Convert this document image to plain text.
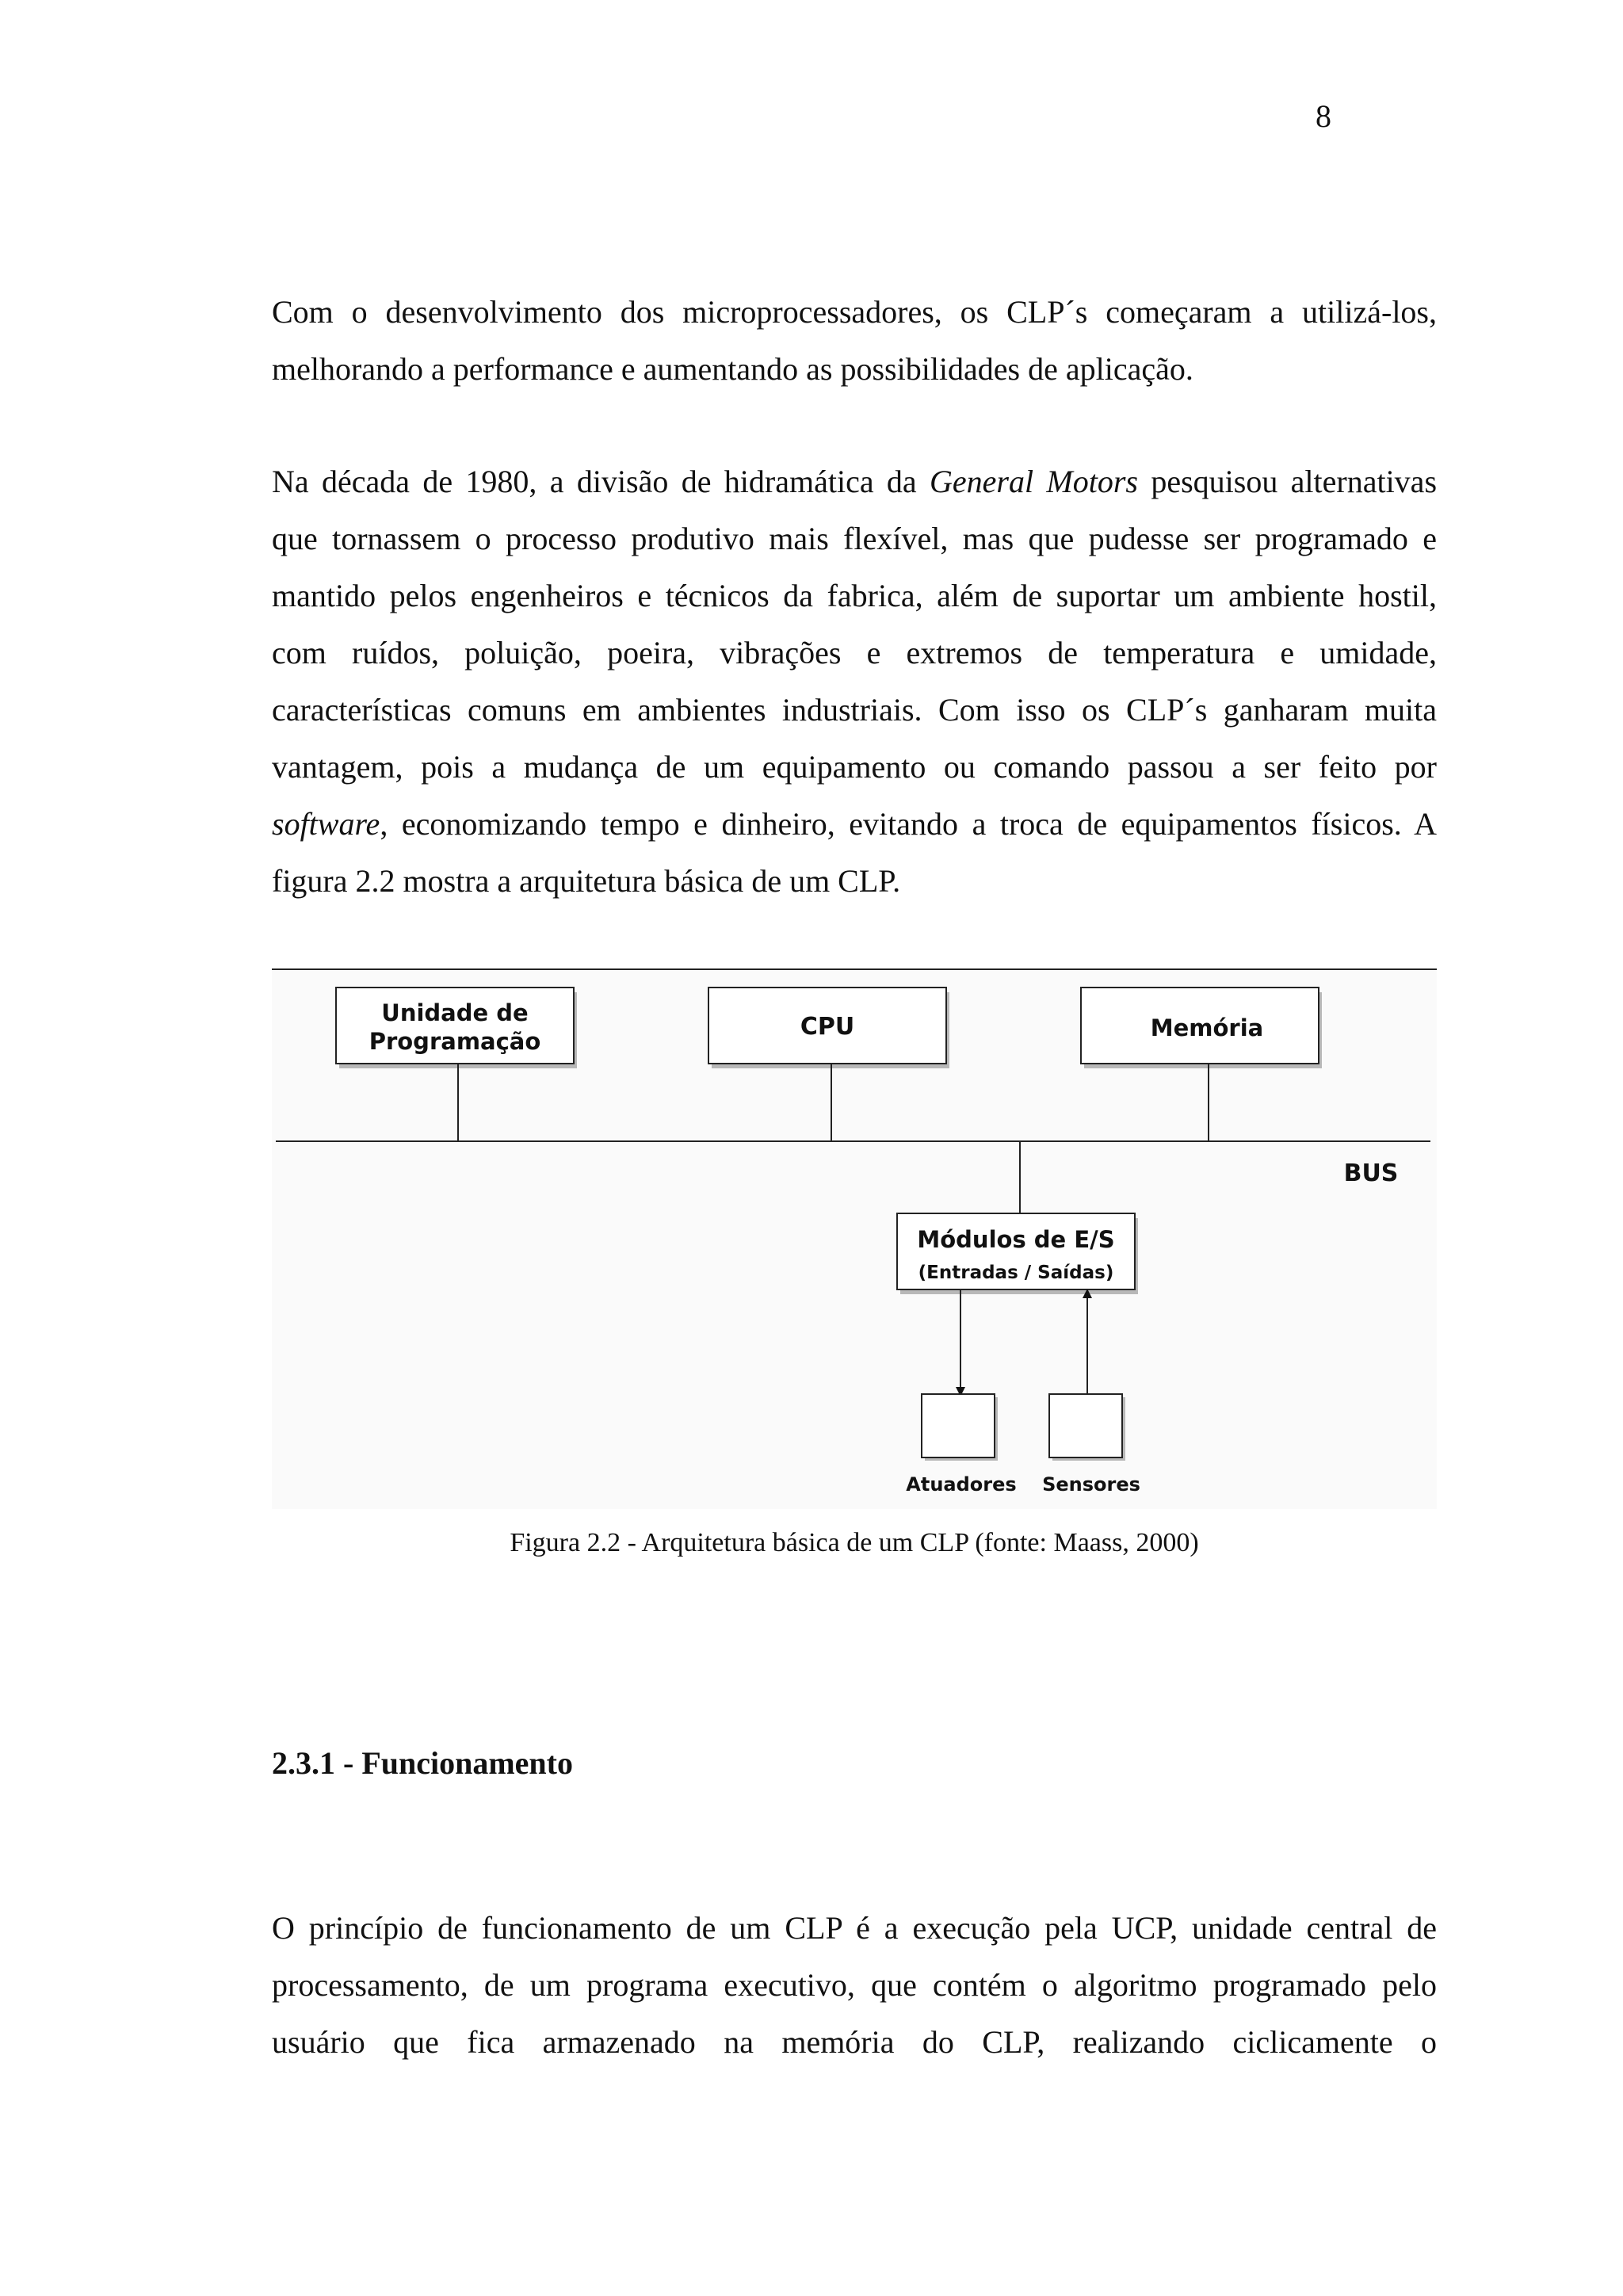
8

Com o desenvolvimento dos microprocessadores, os CLP´s começaram a utilizá-los,
melhorando a performance e aumentando as possibilidades de aplicação.

Na década de 1980, a divisão de hidramática da General Motors pesquisou alternativas
que tornassem o processo produtivo mais flexível, mas que pudesse ser programado e
mantido pelos engenheiros e técnicos da fabrica, além de suportar um ambiente hostil,
com ruídos, poluição, poeira, vibrações e extremos de temperatura e umidade,
características comuns em ambientes industriais. Com isso os CLP´s ganharam muita
vantagem, pois a mudança de um equipamento ou comando passou a ser feito por
software, economizando tempo e dinheiro, evitando a troca de equipamentos físicos. A
figura 2.2 mostra a arquitetura básica de um CLP.

Unidade de
Programação
CPU	Memória
BUS
Módulos de E/S
(Entradas / Saídas)
Atuadores Sensores
Figura 2.2 - Arquitetura básica de um CLP (fonte: Maass, 2000)
2.3.1 - Funcionamento

O princípio de funcionamento de um CLP é a execução pela UCP, unidade central de
processamento, de um programa executivo, que contém o algoritmo programado pelo
usuário que fica armazenado na memória do CLP, realizando ciclicamente o
